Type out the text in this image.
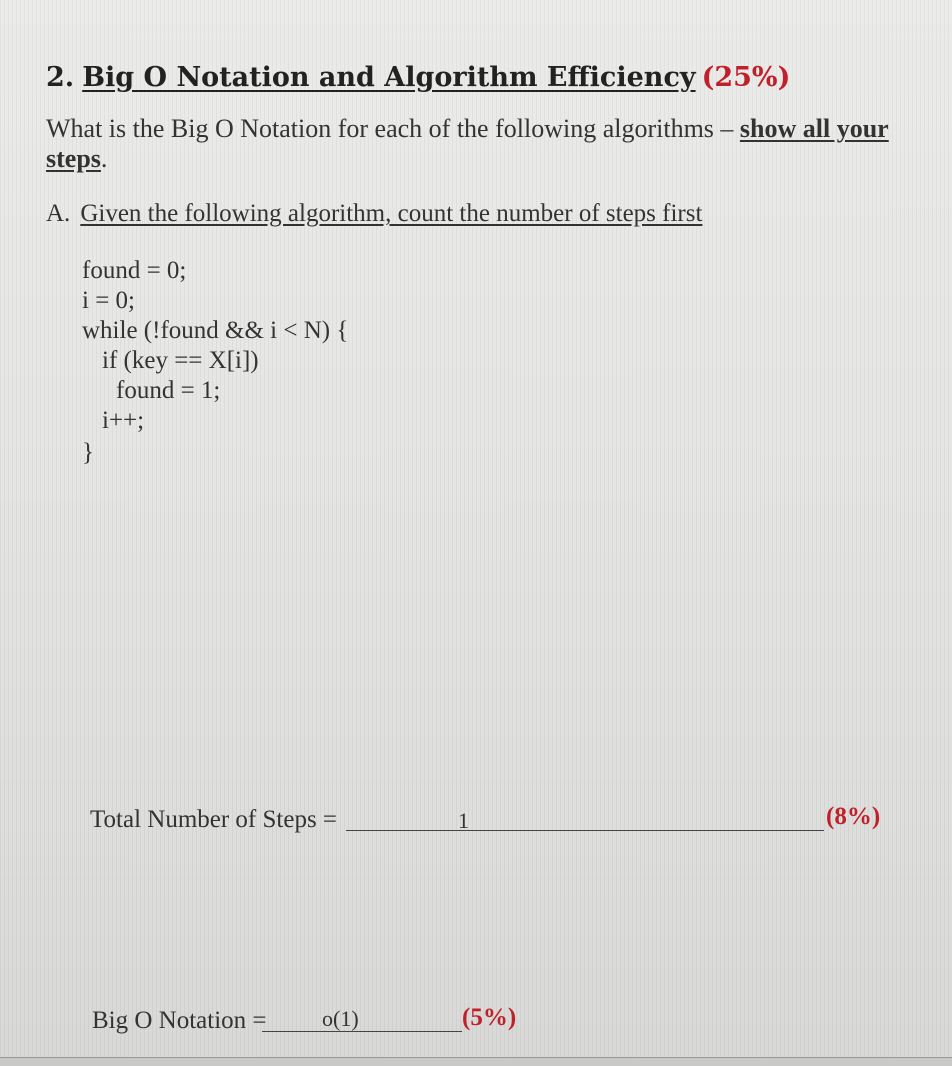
2. Big O Notation and Algorithm Efficiency (25%)
What is the Big O Notation for each of the following algorithms – show all your steps.
A. Given the following algorithm, count the number of steps first
found = 0;
i = 0;
while (!found && i < N) {
if (key == X[i])
found = 1;
i++;
}
Total Number of Steps =	1	(8%)
Big O Notation =	o(1)	(5%)
